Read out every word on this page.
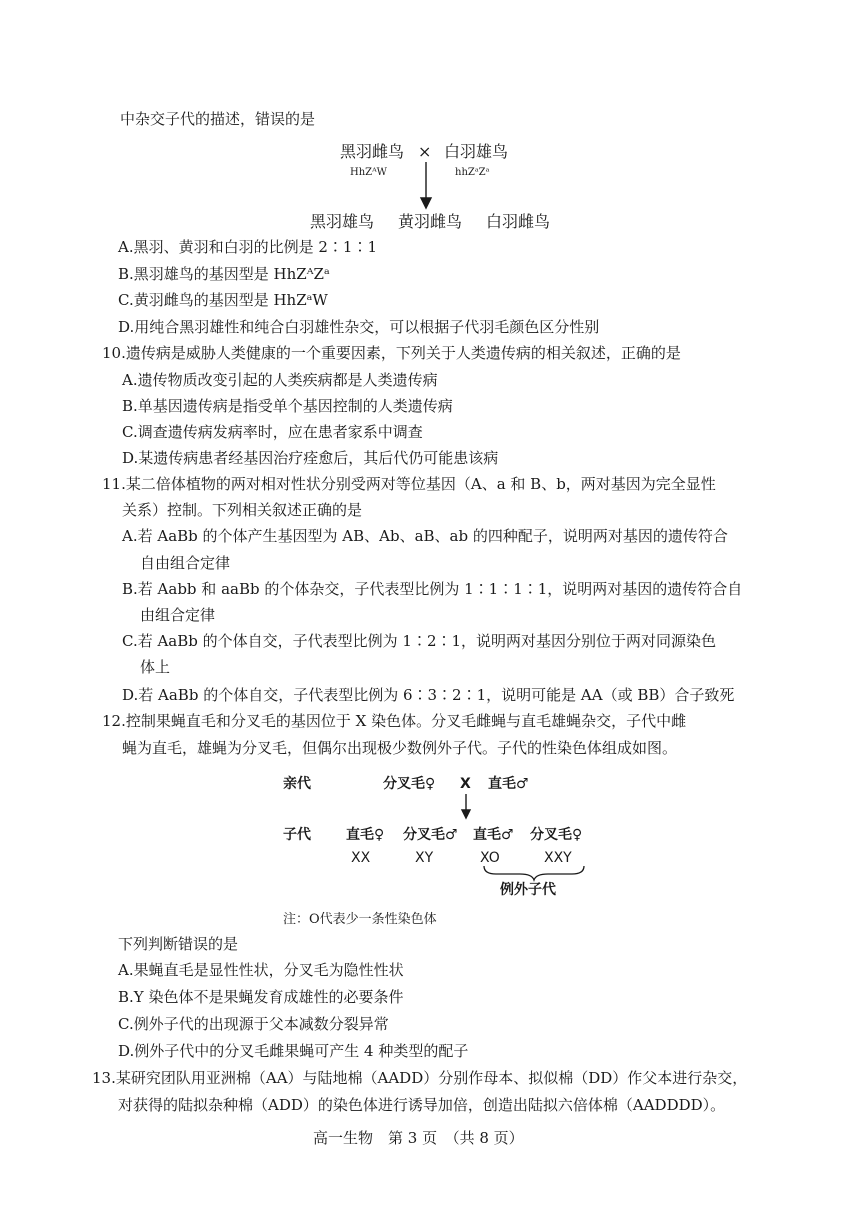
中杂交子代的描述，错误的是
黑羽雌鸟 × 白羽雄鸟
HhZᴬW	hhZᵃZᵃ
黑羽雄鸟 黄羽雌鸟 白羽雌鸟
A.黑羽、黄羽和白羽的比例是 2∶1∶1
B.黑羽雄鸟的基因型是 HhZᴬZᵃ
C.黄羽雌鸟的基因型是 HhZᵃW
D.用纯合黑羽雄性和纯合白羽雄性杂交，可以根据子代羽毛颜色区分性别
10.遗传病是威胁人类健康的一个重要因素，下列关于人类遗传病的相关叙述，正确的是
A.遗传物质改变引起的人类疾病都是人类遗传病
B.单基因遗传病是指受单个基因控制的人类遗传病
C.调查遗传病发病率时，应在患者家系中调查
D.某遗传病患者经基因治疗痊愈后，其后代仍可能患该病
11.某二倍体植物的两对相对性状分别受两对等位基因（A、a 和 B、b，两对基因为完全显性
关系）控制。下列相关叙述正确的是
A.若 AaBb 的个体产生基因型为 AB、Ab、aB、ab 的四种配子，说明两对基因的遗传符合
自由组合定律
B.若 Aabb 和 aaBb 的个体杂交，子代表型比例为 1∶1∶1∶1，说明两对基因的遗传符合自
由组合定律
C.若 AaBb 的个体自交，子代表型比例为 1∶2∶1，说明两对基因分别位于两对同源染色
体上
D.若 AaBb 的个体自交，子代表型比例为 6∶3∶2∶1，说明可能是 AA（或 BB）合子致死
12.控制果蝇直毛和分叉毛的基因位于 X 染色体。分叉毛雌蝇与直毛雄蝇杂交，子代中雌
蝇为直毛，雄蝇为分叉毛，但偶尔出现极少数例外子代。子代的性染色体组成如图。
亲代	分叉毛♀ X 直毛♂
子代	直毛♀ 分叉毛♂ 直毛♂ 分叉毛♀
XX	XY	XO	XXY
例外子代
注：O代表少一条性染色体
下列判断错误的是
A.果蝇直毛是显性性状，分叉毛为隐性性状
B.Y 染色体不是果蝇发育成雄性的必要条件
C.例外子代的出现源于父本减数分裂异常
D.例外子代中的分叉毛雌果蝇可产生 4 种类型的配子
13.某研究团队用亚洲棉（AA）与陆地棉（AADD）分别作母本、拟似棉（DD）作父本进行杂交，
对获得的陆拟杂种棉（ADD）的染色体进行诱导加倍，创造出陆拟六倍体棉（AADDDD）。
高一生物　第 3 页　（共 8 页）
